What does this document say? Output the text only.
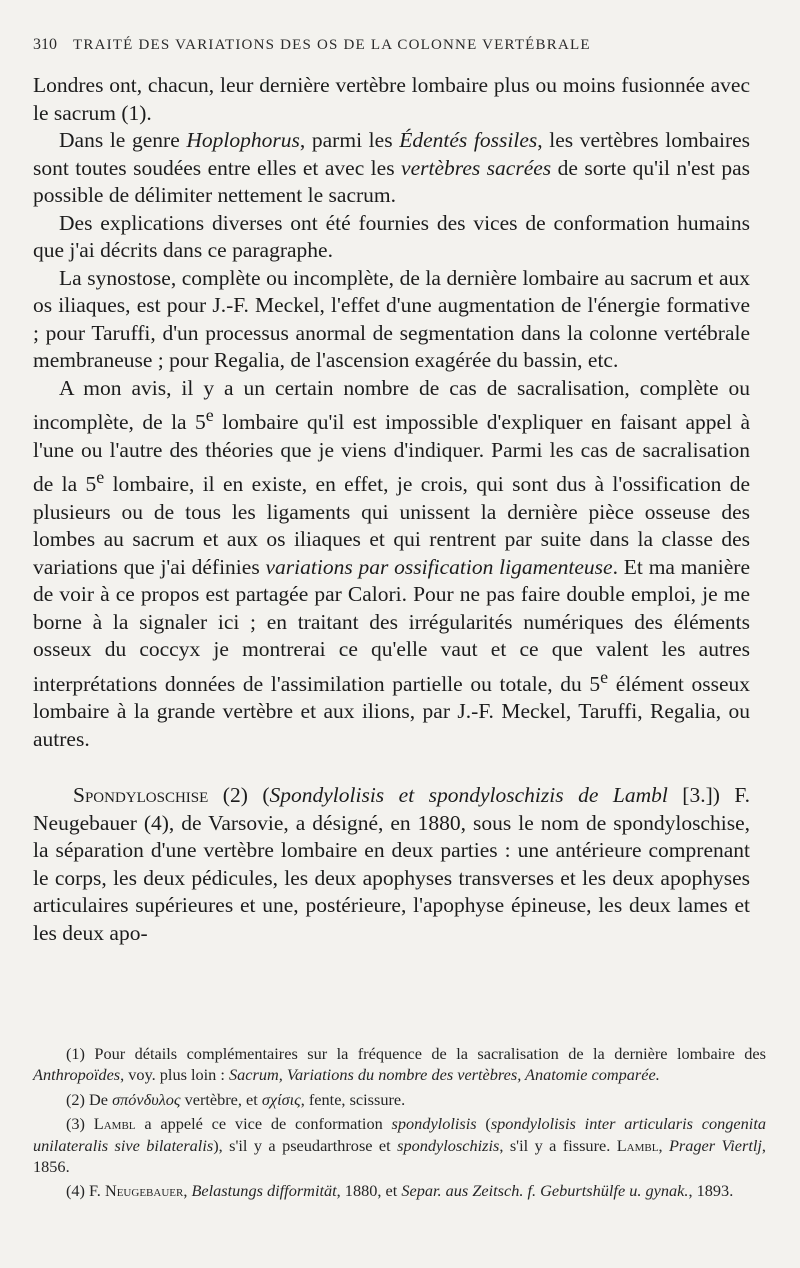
310 TRAITÉ DES VARIATIONS DES OS DE LA COLONNE VERTÉBRALE

Londres ont, chacun, leur dernière vertèbre lombaire plus ou moins fusionnée avec le sacrum (1).

Dans le genre Hoplophorus, parmi les Édentés fossiles, les vertèbres lombaires sont toutes soudées entre elles et avec les vertèbres sacrées de sorte qu'il n'est pas possible de délimiter nettement le sacrum.

Des explications diverses ont été fournies des vices de conformation humains que j'ai décrits dans ce paragraphe.

La synostose, complète ou incomplète, de la dernière lombaire au sacrum et aux os iliaques, est pour J.-F. Meckel, l'effet d'une augmentation de l'énergie formative ; pour Taruffi, d'un processus anormal de segmentation dans la colonne vertébrale membraneuse ; pour Regalia, de l'ascension exagérée du bassin, etc.

A mon avis, il y a un certain nombre de cas de sacralisation, complète ou incomplète, de la 5e lombaire qu'il est impossible d'expliquer en faisant appel à l'une ou l'autre des théories que je viens d'indiquer. Parmi les cas de sacralisation de la 5e lombaire, il en existe, en effet, je crois, qui sont dus à l'ossification de plusieurs ou de tous les ligaments qui unissent la dernière pièce osseuse des lombes au sacrum et aux os iliaques et qui rentrent par suite dans la classe des variations que j'ai définies variations par ossification ligamenteuse. Et ma manière de voir à ce propos est partagée par Calori. Pour ne pas faire double emploi, je me borne à la signaler ici ; en traitant des irrégularités numériques des éléments osseux du coccyx je montrerai ce qu'elle vaut et ce que valent les autres interprétations données de l'assimilation partielle ou totale, du 5e élément osseux lombaire à la grande vertèbre et aux ilions, par J.-F. Meckel, Taruffi, Regalia, ou autres.

Spondyloschise (2) (Spondylolisis et spondyloschizis de Lambl [3.]) F. Neugebauer (4), de Varsovie, a désigné, en 1880, sous le nom de spondyloschise, la séparation d'une vertèbre lombaire en deux parties : une antérieure comprenant le corps, les deux pédicules, les deux apophyses transverses et les deux apophyses articulaires supérieures et une, postérieure, l'apophyse épineuse, les deux lames et les deux apo-

(1) Pour détails complémentaires sur la fréquence de la sacralisation de la dernière lombaire des Anthropoïdes, voy. plus loin : Sacrum, Variations du nombre des vertèbres, Anatomie comparée.

(2) De σπόνδυλος vertèbre, et σχίσις, fente, scissure.

(3) Lambl a appelé ce vice de conformation spondylolisis (spondylolisis inter articularis congenita unilateralis sive bilateralis), s'il y a pseudarthrose et spondyloschizis, s'il y a fissure. Lambl, Prager Viertlj, 1856.

(4) F. Neugebauer, Belastungs difformität, 1880, et Separ. aus Zeitsch. f. Geburtshülfe u. gynak., 1893.
